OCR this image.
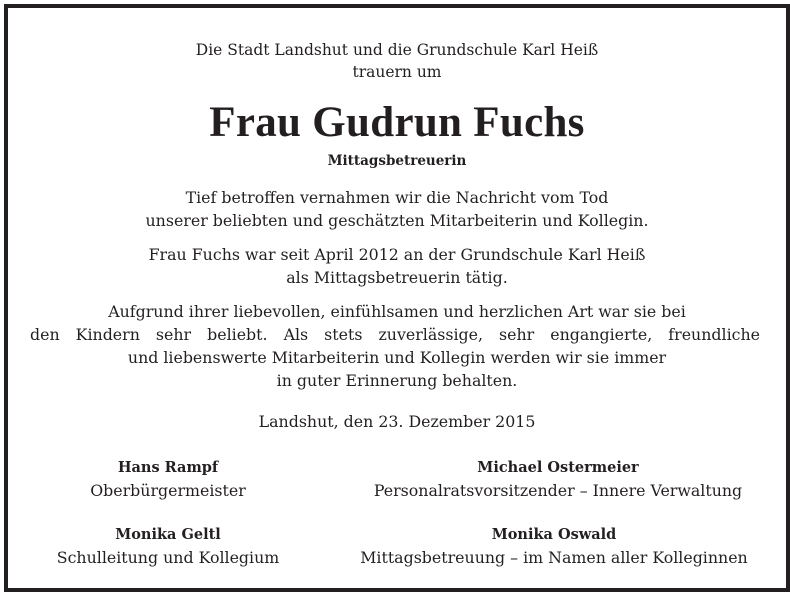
Die Stadt Landshut und die Grundschule Karl Heiß
trauern um
Frau Gudrun Fuchs
Mittagsbetreuerin
Tief betroffen vernahmen wir die Nachricht vom Tod
unserer beliebten und geschätzten Mitarbeiterin und Kollegin.
Frau Fuchs war seit April 2012 an der Grundschule Karl Heiß
als Mittagsbetreuerin tätig.
Aufgrund ihrer liebevollen, einfühlsamen und herzlichen Art war sie bei
den Kindern sehr beliebt. Als stets zuverlässige, sehr engangierte, freundliche
und liebenswerte Mitarbeiterin und Kollegin werden wir sie immer
in guter Erinnerung behalten.
Landshut, den 23. Dezember 2015
Hans Rampf
Oberbürgermeister
Michael Ostermeier
Personalratsvorsitzender – Innere Verwaltung
Monika Geltl
Schulleitung und Kollegium
Monika Oswald
Mittagsbetreuung – im Namen aller Kolleginnen
